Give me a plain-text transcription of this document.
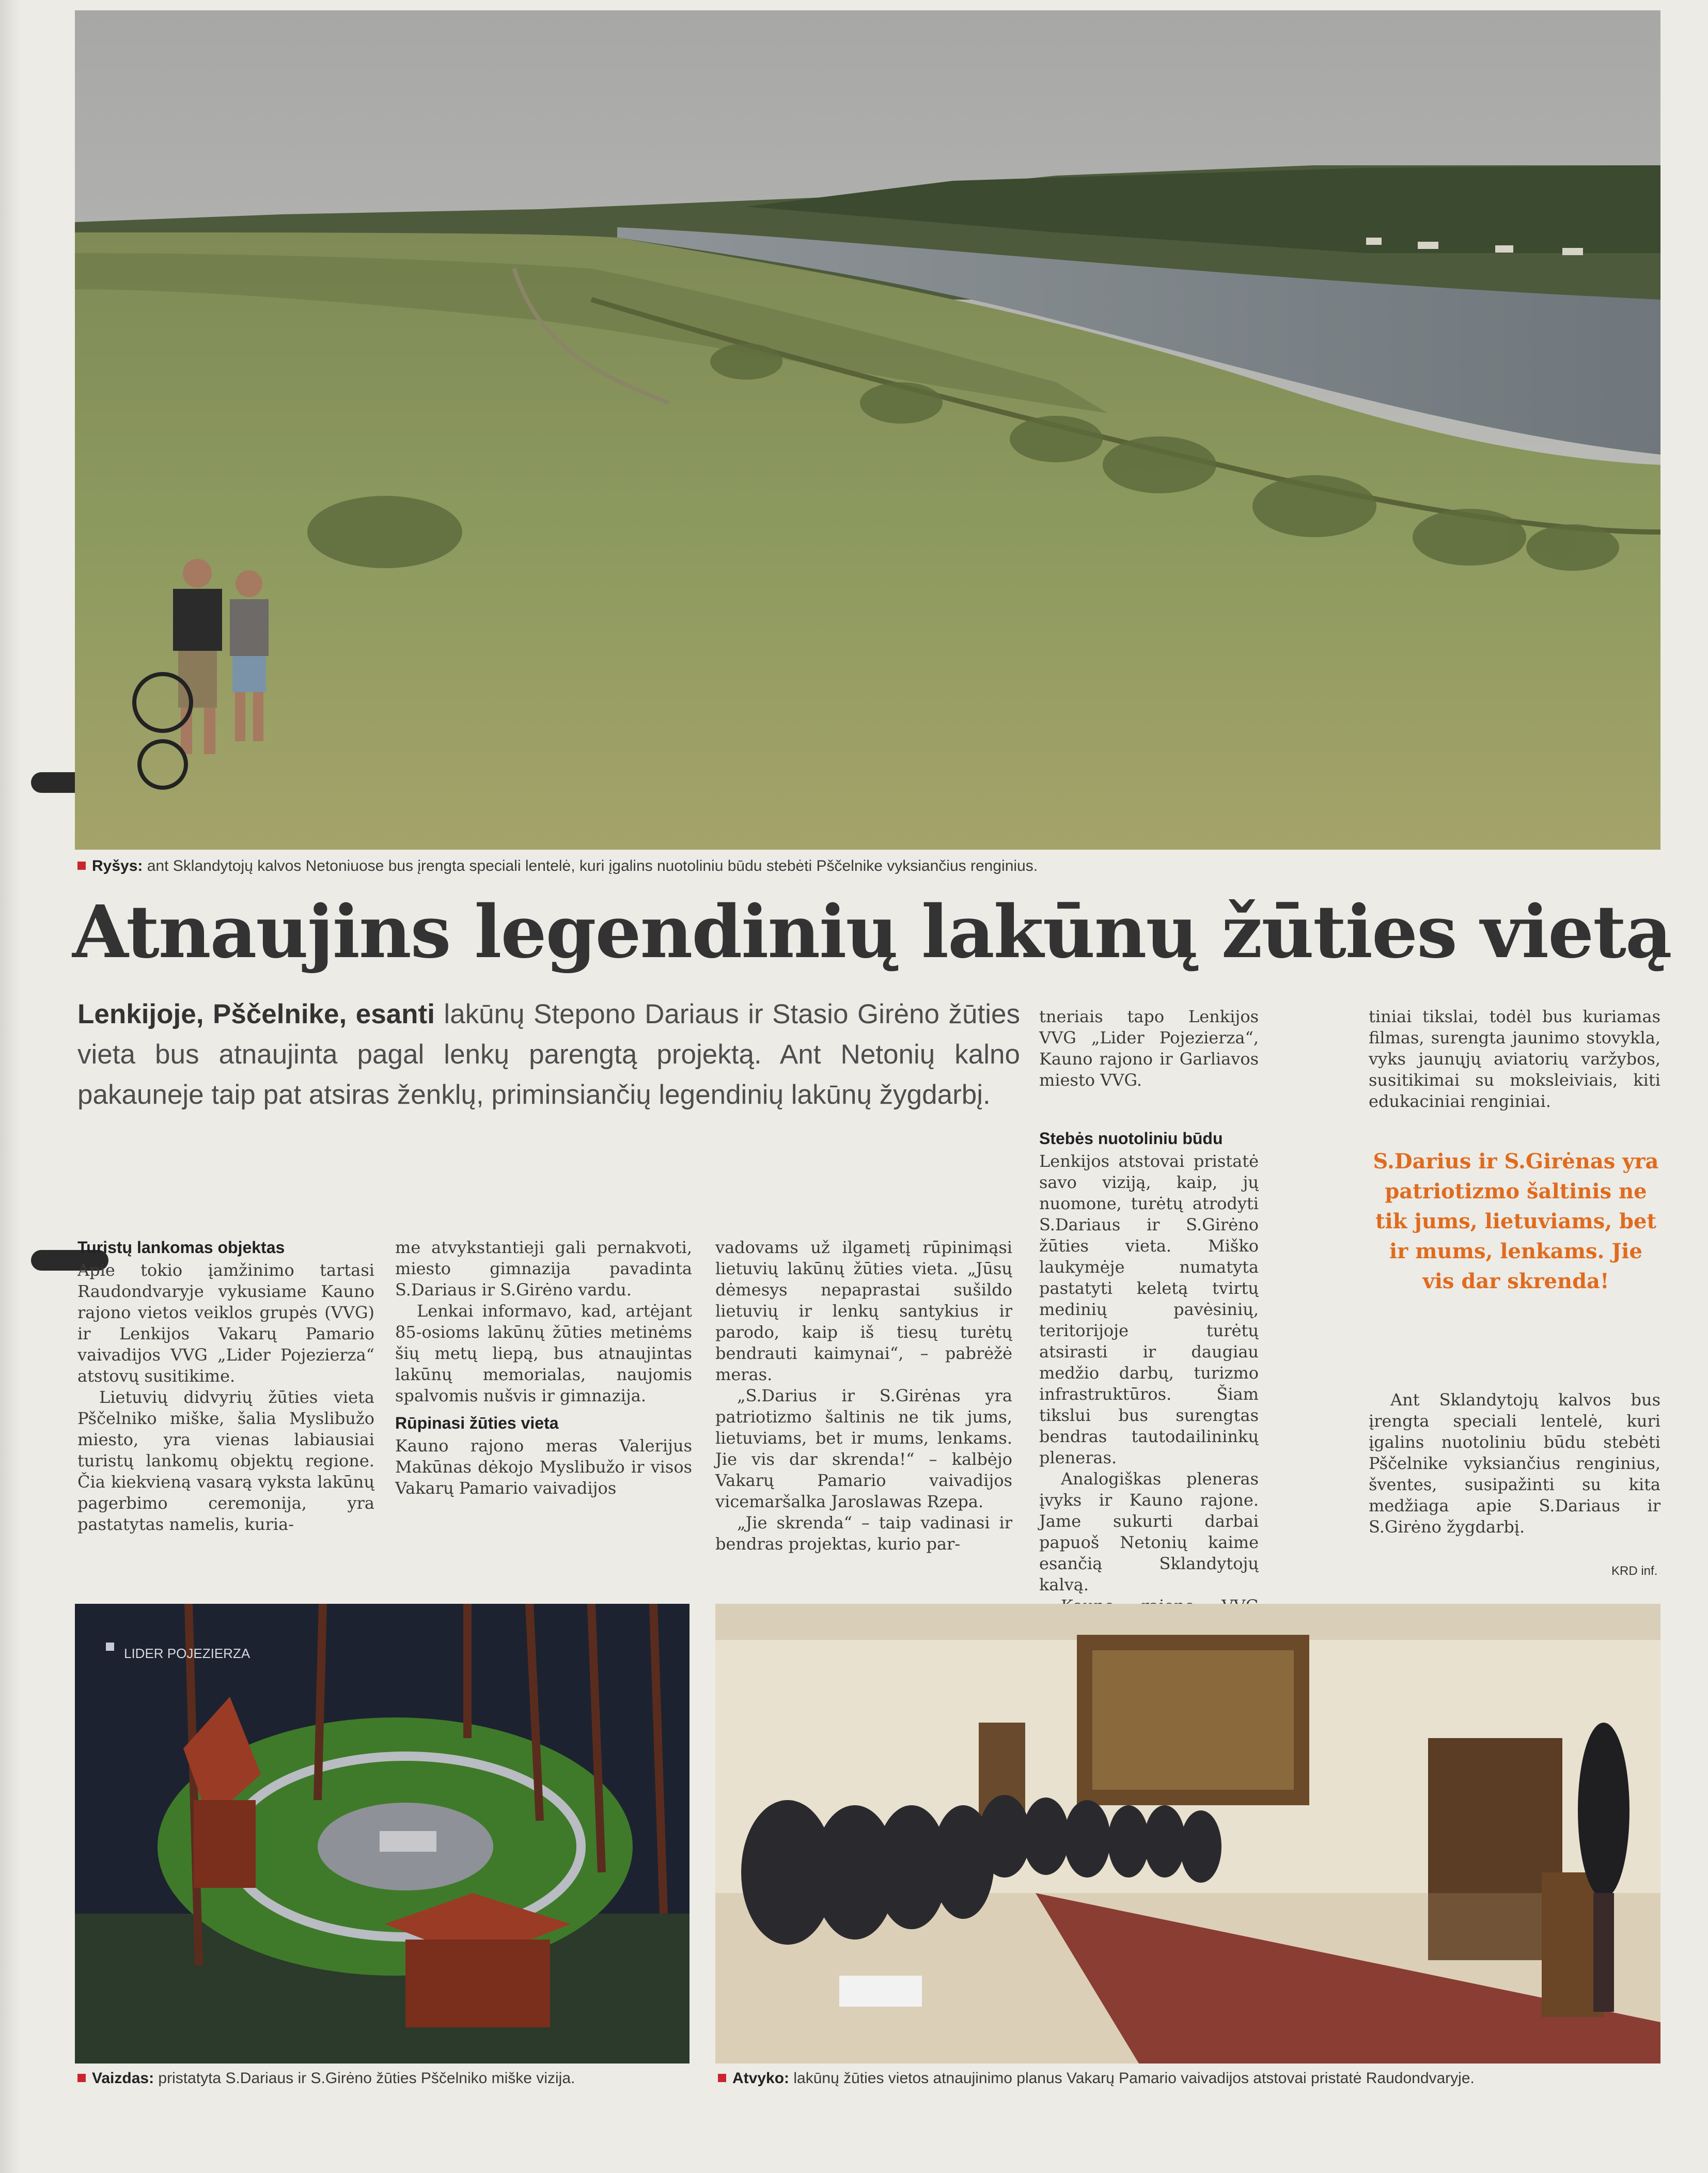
Ryšys: ant Sklandytojų kalvos Netoniuose bus įrengta speciali lentelė, kuri įgalins nuotoliniu būdu stebėti Pščelnike vyksiančius renginius.
Atnaujins legendinių lakūnų žūties vietą
Lenkijoje, Pščelnike, esanti lakūnų Stepono Dariaus ir Stasio Girėno žūties vieta bus atnaujinta pagal lenkų parengtą projektą. Ant Netonių kalno pakauneje taip pat atsiras ženklų, priminsiančių legendinių lakūnų žygdarbį.

tneriais tapo Lenkijos VVG „Lider Pojezierza“, Kauno rajono ir Garliavos miesto VVG.

Stebės nuotoliniu būdu

Lenkijos atstovai pristatė savo viziją, kaip, jų nuomone, turėtų atrodyti S.Dariaus ir S.Girėno žūties vieta. Miško laukymėje numatyta pastatyti keletą tvirtų medinių pavėsinių, teritorijoje turėtų atsirasti ir daugiau medžio darbų, turizmo infrastruktūros. Šiam tikslui bus surengtas bendras tautodailininkų pleneras.

Analogiškas pleneras įvyks ir Kauno rajone. Jame sukurti darbai papuoš Netonių kaime esančią Sklandytojų kalvą.

tiniai tikslai, todėl bus kuriamas filmas, surengta jaunimo stovykla, vyks jaunųjų aviatorių varžybos, susitikimai su moksleiviais, kiti edukaciniai renginiai.

S.Darius ir S.Girėnas yra patriotizmo šaltinis ne tik jums, lietuviams, bet ir mums, lenkams. Jie vis dar skrenda!

Ant Sklandytojų kalvos bus įrengta speciali lentelė, kuri įgalins nuotoliniu būdu stebėti Pščelnike vyksiančius renginius, šventes, susipažinti su kita medžiaga apie S.Dariaus ir S.Girėno žygdarbį.

KRD inf.
Turistų lankomas objektas

Apie tokio įamžinimo tartasi Raudondvaryje vykusiame Kauno rajono vietos veiklos grupės (VVG) ir Lenkijos Vakarų Pamario vaivadijos VVG „Lider Pojezierza“ atstovų susitikime.

Lietuvių didvyrių žūties vieta Pščelniko miške, šalia Myslibužo miesto, yra vienas labiausiai turistų lankomų objektų regione. Čia kiekvieną vasarą vyksta lakūnų pagerbimo ceremonija, yra pastatytas namelis, kuria-

me atvykstantieji gali pernakvoti, miesto gimnazija pavadinta S.Dariaus ir S.Girėno vardu.

Lenkai informavo, kad, artėjant 85-osioms lakūnų žūties metinėms šių metų liepą, bus atnaujintas lakūnų memorialas, naujomis spalvomis nušvis ir gimnazija.

Rūpinasi žūties vieta

Kauno rajono meras Valerijus Makūnas dėkojo Myslibužo ir visos Vakarų Pamario vaivadijos

vadovams už ilgametį rūpinimąsi lietuvių lakūnų žūties vieta. „Jūsų dėmesys nepaprastai sušildo lietuvių ir lenkų santykius ir parodo, kaip iš tiesų turėtų bendrauti kaimynai“, – pabrėžė meras.

„S.Darius ir S.Girėnas yra patriotizmo šaltinis ne tik jums, lietuviams, bet ir mums, lenkams. Jie vis dar skrenda!“ – kalbėjo Vakarų Pamario vaivadijos vicemaršalka Jaroslawas Rzepa.

„Jie skrenda“ – taip vadinasi ir bendras projektas, kurio par-

LIDER POJEZIERZA
Vaizdas: pristatyta S.Dariaus ir S.Girėno žūties Pščelniko miške vizija.	Atvyko: lakūnų žūties vietos atnaujinimo planus Vakarų Pamario vaivadijos atstovai pristatė Raudondvaryje.
